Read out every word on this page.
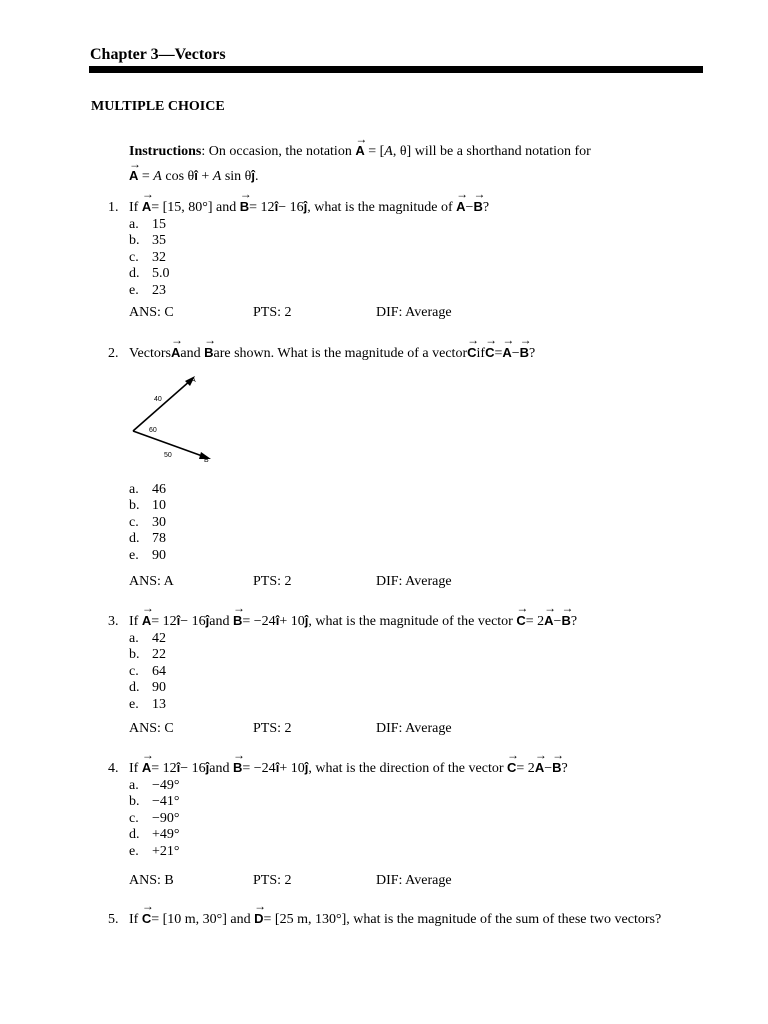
Chapter 3—Vectors
MULTIPLE CHOICE
Instructions: On occasion, the notation → A = [A, θ] will be a shorthand notation for
→ A = A cos θî + A sin θĵ.
1. If
→ A = [15, 80°] and
→ B = 12 î − 16 ĵ , what is the magnitude of
→ A − → B ?
a. 15
b. 35
c. 32
d. 5.0
e. 23
ANS: C	PTS: 2	DIF: Average
2. Vectors → A and
→ B are shown. What is the magnitude of a vector → C if → C = → A − → B ?
A
B
40
60
50
a. 46
b. 10
c. 30
d. 78
e. 90
ANS: A	PTS: 2	DIF: Average
3. If
→ A = 12 î − 16 ĵ and
→ B = −24 î + 10 ĵ , what is the magnitude of the vector
→ C = 2 → A − → B ?
a. 42
b. 22
c. 64
d. 90
e. 13
ANS: C	PTS: 2	DIF: Average
4. If
→ A = 12 î − 16 ĵ and
→ B = −24 î + 10 ĵ , what is the direction of the vector
→ C = 2 → A − → B ?
a. −49°
b. −41°
c. −90°
d. +49°
e. +21°
ANS: B	PTS: 2	DIF: Average
5. If
→ C = [10 m, 30°] and
→ D = [25 m, 130°], what is the magnitude of the sum of these two vectors?
